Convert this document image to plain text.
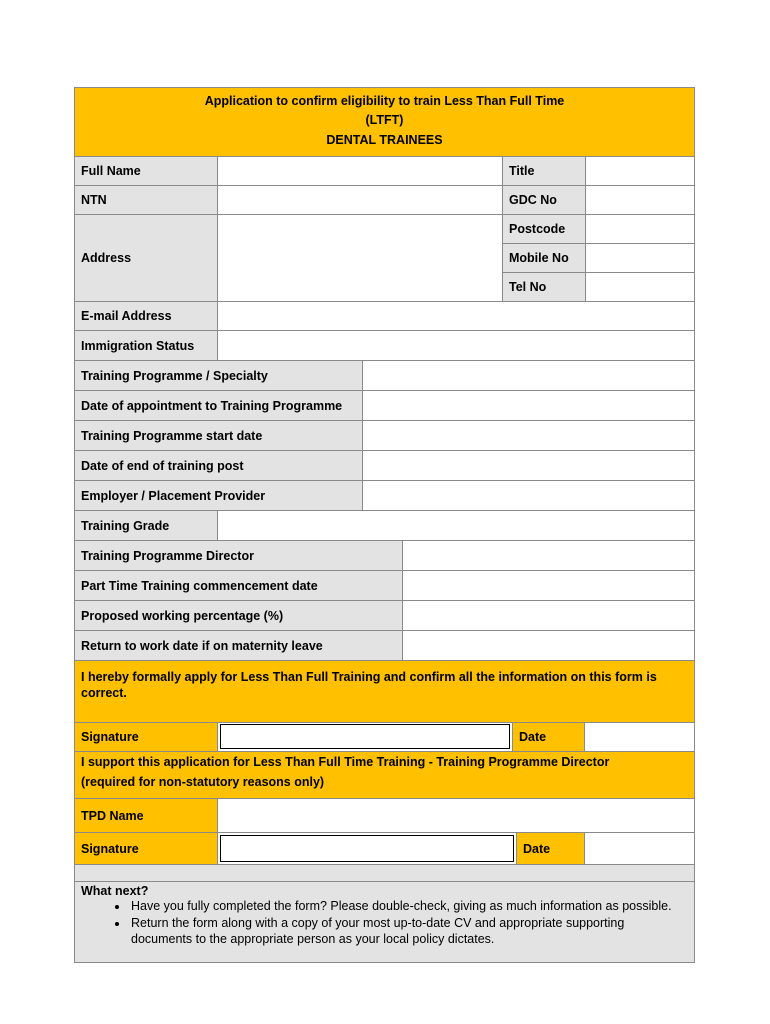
Application to confirm eligibility to train Less Than Full Time
(LTFT)
DENTAL TRAINEES
Full Name	Title
NTN	GDC No
Address
Postcode
Mobile No
Tel No
E-mail Address
Immigration Status
Training Programme / Specialty
Date of appointment to Training Programme
Training Programme start date
Date of end of training post
Employer / Placement Provider
Training Grade
Training Programme Director
Part Time Training commencement date
Proposed working percentage (%)
Return to work date if on maternity leave
I hereby formally apply for Less Than Full Training and confirm all the information on this form is correct.
Signature	Date
I support this application for Less Than Full Time Training - Training Programme Director
(required for non-statutory reasons only)
TPD Name
Signature	Date
What next?
• Have you fully completed the form? Please double-check, giving as much information as possible.
• Return the form along with a copy of your most up-to-date CV and appropriate supporting documents to the appropriate person as your local policy dictates.
